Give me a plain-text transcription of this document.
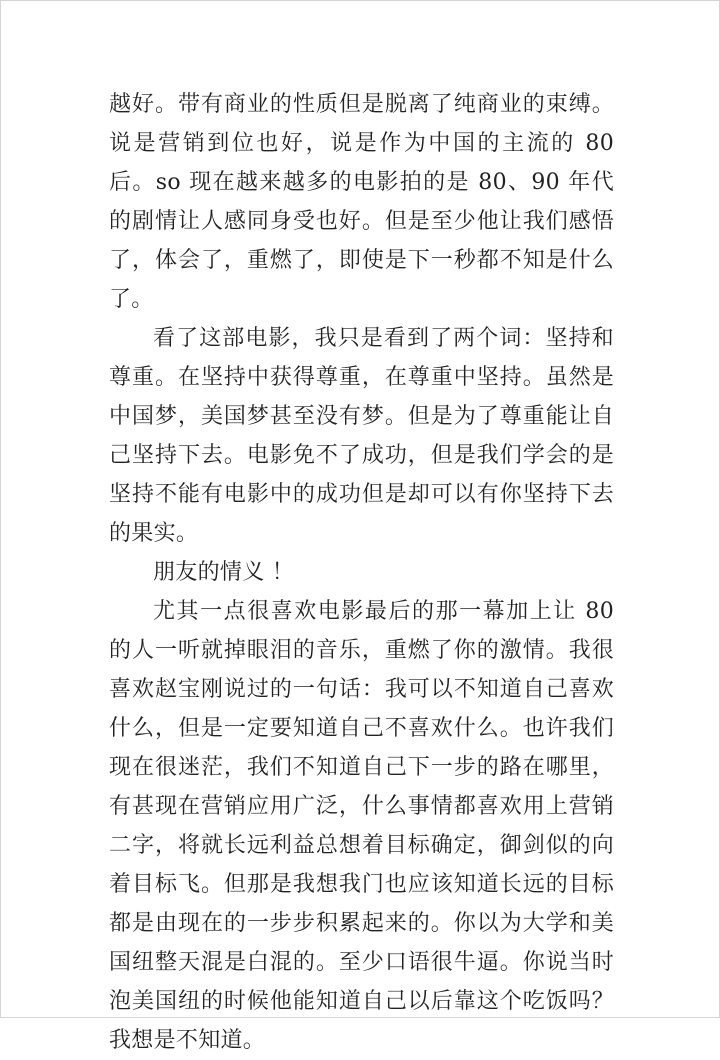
越好。带有商业的性质但是脱离了纯商业的束缚。说是营销到位也好，说是作为中国的主流的 80 后。so 现在越来越多的电影拍的是 80、90 年代的剧情让人感同身受也好。但是至少他让我们感悟了，体会了，重燃了，即使是下一秒都不知是什么了。

看了这部电影，我只是看到了两个词：坚持和尊重。在坚持中获得尊重，在尊重中坚持。虽然是中国梦，美国梦甚至没有梦。但是为了尊重能让自己坚持下去。电影免不了成功，但是我们学会的是坚持不能有电影中的成功但是却可以有你坚持下去的果实。

朋友的情义 ！

尤其一点很喜欢电影最后的那一幕加上让 80 的人一听就掉眼泪的音乐，重燃了你的激情。我很喜欢赵宝刚说过的一句话：我可以不知道自己喜欢什么，但是一定要知道自己不喜欢什么。也许我们现在很迷茫，我们不知道自己下一步的路在哪里，有甚现在营销应用广泛，什么事情都喜欢用上营销二字，将就长远利益总想着目标确定，御剑似的向着目标飞。但那是我想我门也应该知道长远的目标都是由现在的一步步积累起来的。你以为大学和美国纽整天混是白混的。至少口语很牛逼。你说当时泡美国纽的时候他能知道自己以后靠这个吃饭吗？我想是不知道。
